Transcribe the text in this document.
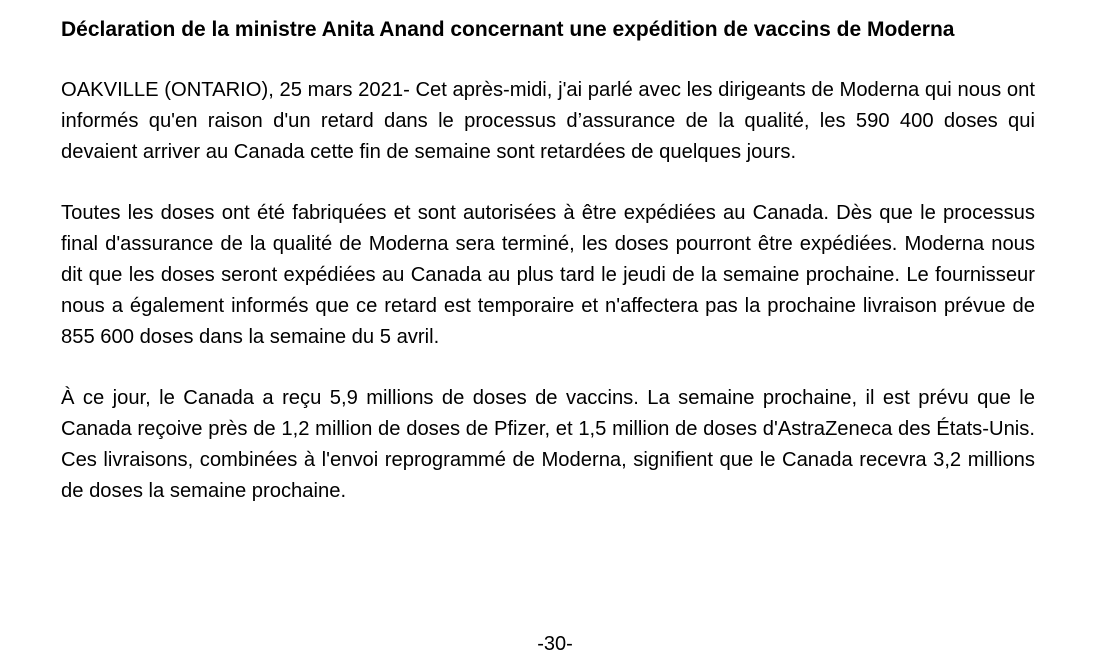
Déclaration de la ministre Anita Anand concernant une expédition de vaccins de Moderna

OAKVILLE (ONTARIO), 25 mars 2021- Cet après-midi, j'ai parlé avec les dirigeants de Moderna qui nous ont informés qu'en raison d'un retard dans le processus d’assurance de la qualité, les 590 400 doses qui devaient arriver au Canada cette fin de semaine sont retardées de quelques jours.

Toutes les doses ont été fabriquées et sont autorisées à être expédiées au Canada. Dès que le processus final d'assurance de la qualité de Moderna sera terminé, les doses pourront être expédiées. Moderna nous dit que les doses seront expédiées au Canada au plus tard le jeudi de la semaine prochaine. Le fournisseur nous a également informés que ce retard est temporaire et n'affectera pas la prochaine livraison prévue de 855 600 doses dans la semaine du 5 avril.

À ce jour, le Canada a reçu 5,9 millions de doses de vaccins. La semaine prochaine, il est prévu que le Canada reçoive près de 1,2 million de doses de Pfizer, et 1,5 million de doses d'AstraZeneca des États-Unis. Ces livraisons, combinées à l'envoi reprogrammé de Moderna, signifient que le Canada recevra 3,2 millions de doses la semaine prochaine.

-30-
